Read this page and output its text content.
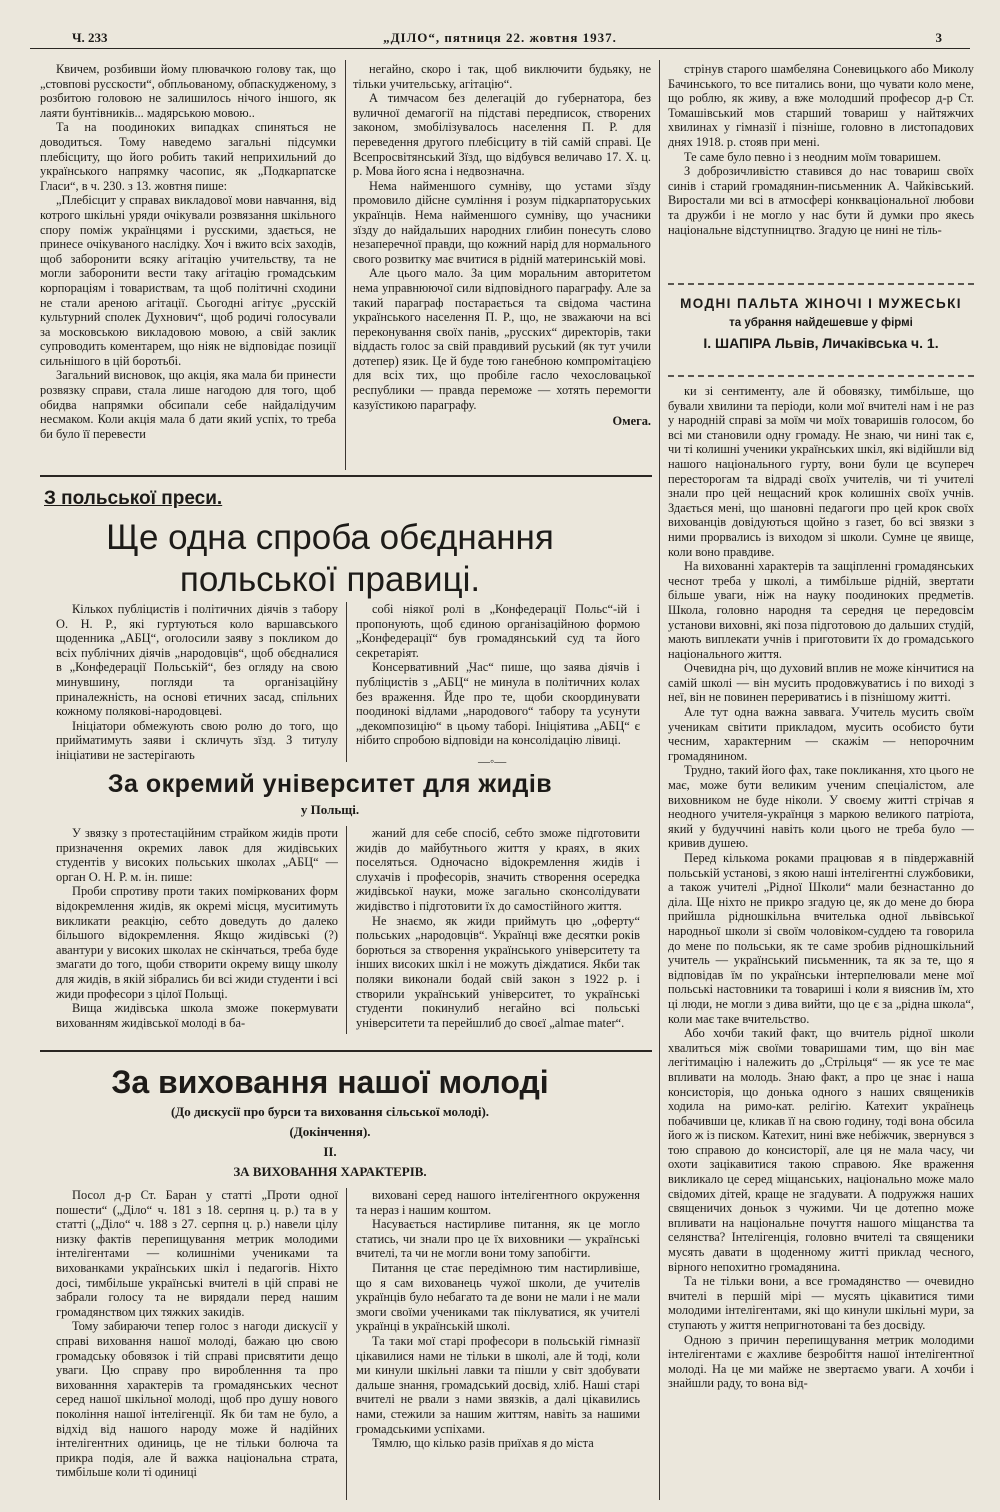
Ч. 233	„ДІЛО“, пятниця 22. жовтня 1937.	3

Квичем, розбивши йому плювачкою голову так, що „стовпові русскости“, обпльованому, обпаскудженому, з розбитою головою не залишилось нічого іншого, як лаяти бунтівників... мадярською мовою..

Та на поодиноких випадках спиняться не доводиться. Тому наведемо загальні підсумки плебісциту, що його робить такий неприхильний до українського напрямку часопис, як „Подкарпатске Гласи“, в ч. 230. з 13. жовтня пише:

„Плебісцит у справах викладової мови навчання, від котрого шкільні уряди очікували розвязання шкільного спору поміж українцями і русскими, здається, не принесе очікуваного наслідку. Хоч і вжито всіх заходів, щоб заборонити всяку агітацію учительству, та не могли заборонити вести таку агітацію громадським корпораціям і товариствам, та щоб політичні сходини не стали ареною агітації. Сьогодні агітує „русскій культурний сполек Духнович“, щоб родичі голосували за московською викладовою мовою, а свій заклик супроводить коментарем, що ніяк не відповідає позиції сильнішого в цій боротьбі.

Загальний висновок, що акція, яка мала би принести розвязку справи, стала лише нагодою для того, щоб обидва напрямки обсипали себе найдалідучим несмаком. Коли акція мала б дати який успіх, то треба би було її перевести

негайно, скоро і так, щоб виключити будьяку, не тільки учительську, агітацію“.

А тимчасом без делегацій до губернатора, без вуличної демагогії на підставі передписок, створених законом, змобілізувалось населення П. Р. для переведення другого плебісциту в тій самій справі. Це Всепросвітянський Зїзд, що відбувся величаво 17. Х. ц. р. Мова його ясна і недвозначна.

Нема найменшого сумніву, що устами зїзду промовило дійсне сумління і розум підкарпаторуських українців. Нема найменшого сумніву, що учасники зїзду до найдальших народних глибин понесуть слово незаперечної правди, що кожний нарід для нормального свого розвитку має вчитися в рідній материнській мові.

Але цього мало. За цим моральним авторитетом нема управнюючої сили відповідного параграфу. Але за такий параграф постарається та свідома частина українського населення П. Р., що, не зважаючи на всі переконування своїх панів, „русских“ директорів, таки віддасть голос за свій правдивий руський (як тут учили дотепер) язик. Це й буде тою ганебною компромітацією для всіх тих, що пробіле гасло чехословацької республики — правда переможе — хотять перемогти казуїстикою параграфу.

Омега.

стрінув старого шамбеляна Соневицького або Миколу Бачинського, то все питались вони, що чувати коло мене, що роблю, як живу, а вже молодший професор д-р Ст. Томашівський мов старший товариш у найтяжчих хвилинах у гімназії і пізніше, головно в листопадових днях 1918. р. стояв при мені.

Те саме було певно і з неодним моїм товаришем.

З доброзичливістю ставився до нас товариш своїх синів і старий громадянин-письменник А. Чайківський. Виростали ми всі в атмосфері конкваціональної любови та дружби і не могло у нас бути й думки про якесь національне відступництво. Згадую це нині не тіль-

МОДНІ ПАЛЬТА ЖІНОЧІ І МУЖЕСЬКІ
та убрання найдешевше у фірмі
І. ШАПІРА Львів, Личаківська ч. 1.

ки зі сентименту, але й обовязку, тимбільше, що бували хвилини та періоди, коли мої вчителі нам і не раз у народній справі за моїм чи моїх товаришів голосом, бо всі ми становили одну громаду. Не знаю, чи нині так є, чи ті колишні ученики українських шкіл, які відійшли від нашого національного гурту, вони були це всупереч пересторогам та відраді своїх учителів, чи ті учителі знали про цей нещасний крок колишніх своїх учнів. Здається мені, що шановні педагоги про цей крок своїх вихованців довідуються щойно з газет, бо всі звязки з ними прорвались із виходом зі школи. Сумне це явище, коли воно правдиве.

На вихованні характерів та защіпленні громадянських чеснот треба у школі, а тимбільше рідній, звертати більше уваги, ніж на науку поодиноких предметів. Школа, головно народня та середня це передовсім установи виховні, які поза підготовою до дальших студій, мають виплекати учнів і приготовити їх до громадського національного життя.

Очевидна річ, що духовий вплив не може кінчитися на самій школі — він мусить продовжуватись і по виході з неї, він не повинен перериватись і в пізнішому житті.

Але тут одна важна заввага. Учитель мусить своїм ученикам світити прикладом, мусить особисто бути чесним, характерним — скажім — непорочним громадянином.

Трудно, такий його фах, таке покликання, хто цього не має, може бути великим ученим спеціалістом, але виховником не буде ніколи. У своєму житті стрічав я неодного учителя-українця з маркою великого патріота, який у будуччині навіть коли цього не треба було — кривив душею.

Перед кількома роками працював я в півдержавній польській установі, з якою наші інтелігентні службовики, а також учителі „Рідної Школи“ мали безнастанно до діла. Ще ніхто не прикро згадую це, як до мене до бюра прийшла рідношкільна вчителька одної львівської народньої школи зі своїм чоловіком-суддею та говорила до мене по польськи, як те саме зробив рідношкільний учитель — український письменник, та як за те, що я відповідав їм по українськи інтерпелювали мене мої польські настовники та товариші і коли я вияснив їм, хто ці люди, не могли з дива вийти, що це є за „рідна школа“, коли має таке вчительство.

Або хочби такий факт, що вчитель рідної школи хвалиться між своїми товаришами тим, що він має легітимацію і належить до „Стрільця“ — як усе те має впливати на молодь. Знаю факт, а про це знає і наша консисторія, що донька одного з наших священиків ходила на римо-кат. релігію. Катехит українець побачивши це, кликав її на свою годину, тоді вона обсила його ж із писком. Катехит, нині вже небіжчик, звернувся з тою справою до консисторії, але ця не мала часу, чи охоти зацікавитися такою справою. Яке враження викликало це серед міщанських, національно може мало свідомих дітей, краще не згадувати. А подружжя наших священичих доньок з чужими. Чи це дотепно може впливати на національне почуття нашого міщанства та селянства? Інтелігенція, головно вчителі та священики мусять давати в щоденному житті приклад чесного, вірного непохитно громадянина.

Та не тільки вони, а все громадянство — очевидно вчителі в першій мірі — мусять цікавитися тими молодими інтелігентами, які що кинули шкільні мури, за ступають у життя непригнотовані та без досвіду.

Одною з причин перепищування метрик молодими інтелігентами є жахливе безробіття нашої інтелігентної молоді. На це ми майже не звертаємо уваги. А хочби і знайшли раду, то вона від-

З польської преси.
Ще одна спроба обєднання
польської правиці.

Кількох публіцистів і політичних діячів з табору О. Н. Р., які гуртуються коло варшавського щоденника „АБЦ“, оголосили заяву з покликом до всіх публічних діячів „народовців“, щоб обєдналися в „Конфедерації Польській“, без огляду на свою минувшину, погляди та організаційну приналежність, на основі етичних засад, спільних кожному полякові-народовцеві.

Ініціатори обмежують свою ролю до того, що прийматимуть заяви і скличуть зїзд. З титулу ініціативи не застерігають

собі ніякої ролі в „Конфедерації Польс“-ій і пропонують, щоб єдиною організаційною формою „Конфедерації“ був громадянський суд та його секретаріят.

Консервативний „Час“ пише, що заява діячів і публіцистів з „АБЦ“ не минула в політичних колах без враження. Йде про те, щоби скоординувати поодинокі відлами „народового“ табору та усунути „декомпозицію“ в цьому таборі. Ініціятива „АБЦ“ є нібито спробою відповіди на консолідацію лівиці.

—◦—
За окремий університет для жидів
у Польщі.

У звязку з протестаційним страйком жидів проти призначення окремих лавок для жидівських студентів у високих польських школах „АБЦ“ — орган О. Н. Р. м. ін. пише:

Проби спротиву проти таких поміркованих форм відокремлення жидів, як окремі місця, муситимуть викликати реакцію, себто доведуть до далеко більшого відокремлення. Якщо жидівські (?) авантури у високих школах не скінчаться, треба буде змагати до того, щоби створити окрему вищу школу для жидів, в якій зібрались би всі жиди студенти і всі жиди професори з цілої Польщі.

Вища жидівська школа зможе покермувати вихованням жидівської молоді в ба-

жаний для себе спосіб, себто зможе підготовити жидів до майбутнього життя у краях, в яких поселяться. Одночасно відокремлення жидів і слухачів і професорів, значить створення осередка жидівської науки, може загально сконсолідувати жидівство і підготовити їх до самостійного життя.

Не знаємо, як жиди приймуть цю „оферту“ польських „народовців“. Українці вже десятки років борються за створення українського університету та інших високих шкіл і не можуть дiждатися. Якби так поляки виконали бодай свій закон з 1922 р. і створили український університет, то українські студенти покинулиб негайно всі польські університети та перейшлиб до своєї „almae mater“.

За виховання нашої молоді
(До дискусії про бурси та виховання сільської молоді).
(Докінчення).
II.
ЗА ВИХОВАННЯ ХАРАКТЕРІВ.

Посол д-р Ст. Баран у статті „Проти одної пошести“ („Діло“ ч. 181 з 18. серпня ц. р.) та в у статті („Діло“ ч. 188 з 27. серпня ц. р.) навели цілу низку фактів перепищування метрик молодими інтелігентами — колишніми учениками та вихованками українських шкіл і педагогів. Ніхто досі, тимбільше українські вчителі в цій справі не забрали голосу та не вирядали перед нашим громадянством цих тяжких закидів.

Тому забираючи тепер голос з нагоди дискусії у справі виховання нашої молоді, бажаю цю свою громадську обовязок і тій справі присвятити дещо уваги. Цю справу про виробленння та про вихованння характерів та громадянських чеснот серед нашої шкільної молоді, щоб про душу нового покоління нашої інтелігенції. Як би там не було, а відхід від нашого народу може й надійних інтелігентних одиниць, це не тільки болюча та прикра подія, але й важка національна страта, тимбільше коли ті одиниці

виховані серед нашого інтелігентного окруження та нераз і нашим коштом.

Насувається настирливе питання, як це могло статись, чи знали про це їх виховники — українські вчителі, та чи не могли вони тому запобігти.

Питання це стає передімною тим настирливіше, що я сам вихованець чужої школи, де учителів українців було небагато та де вони не мали і не мали змоги своїми учениками так піклуватися, як учителі українці в українській школі.

Та таки мої старі професори в польській гімназії цікавилися нами не тільки в школі, але й тоді, коли ми кинули шкільні лавки та пішли у світ здобувати дальше знання, громадський досвід, хліб. Наші старі вчителі не рвали з нами звязків, а далі цікавились нами, стежили за нашим життям, навіть за нашими громадськими успіхами.

Тямлю, що кілько разів приїхав я до міста
